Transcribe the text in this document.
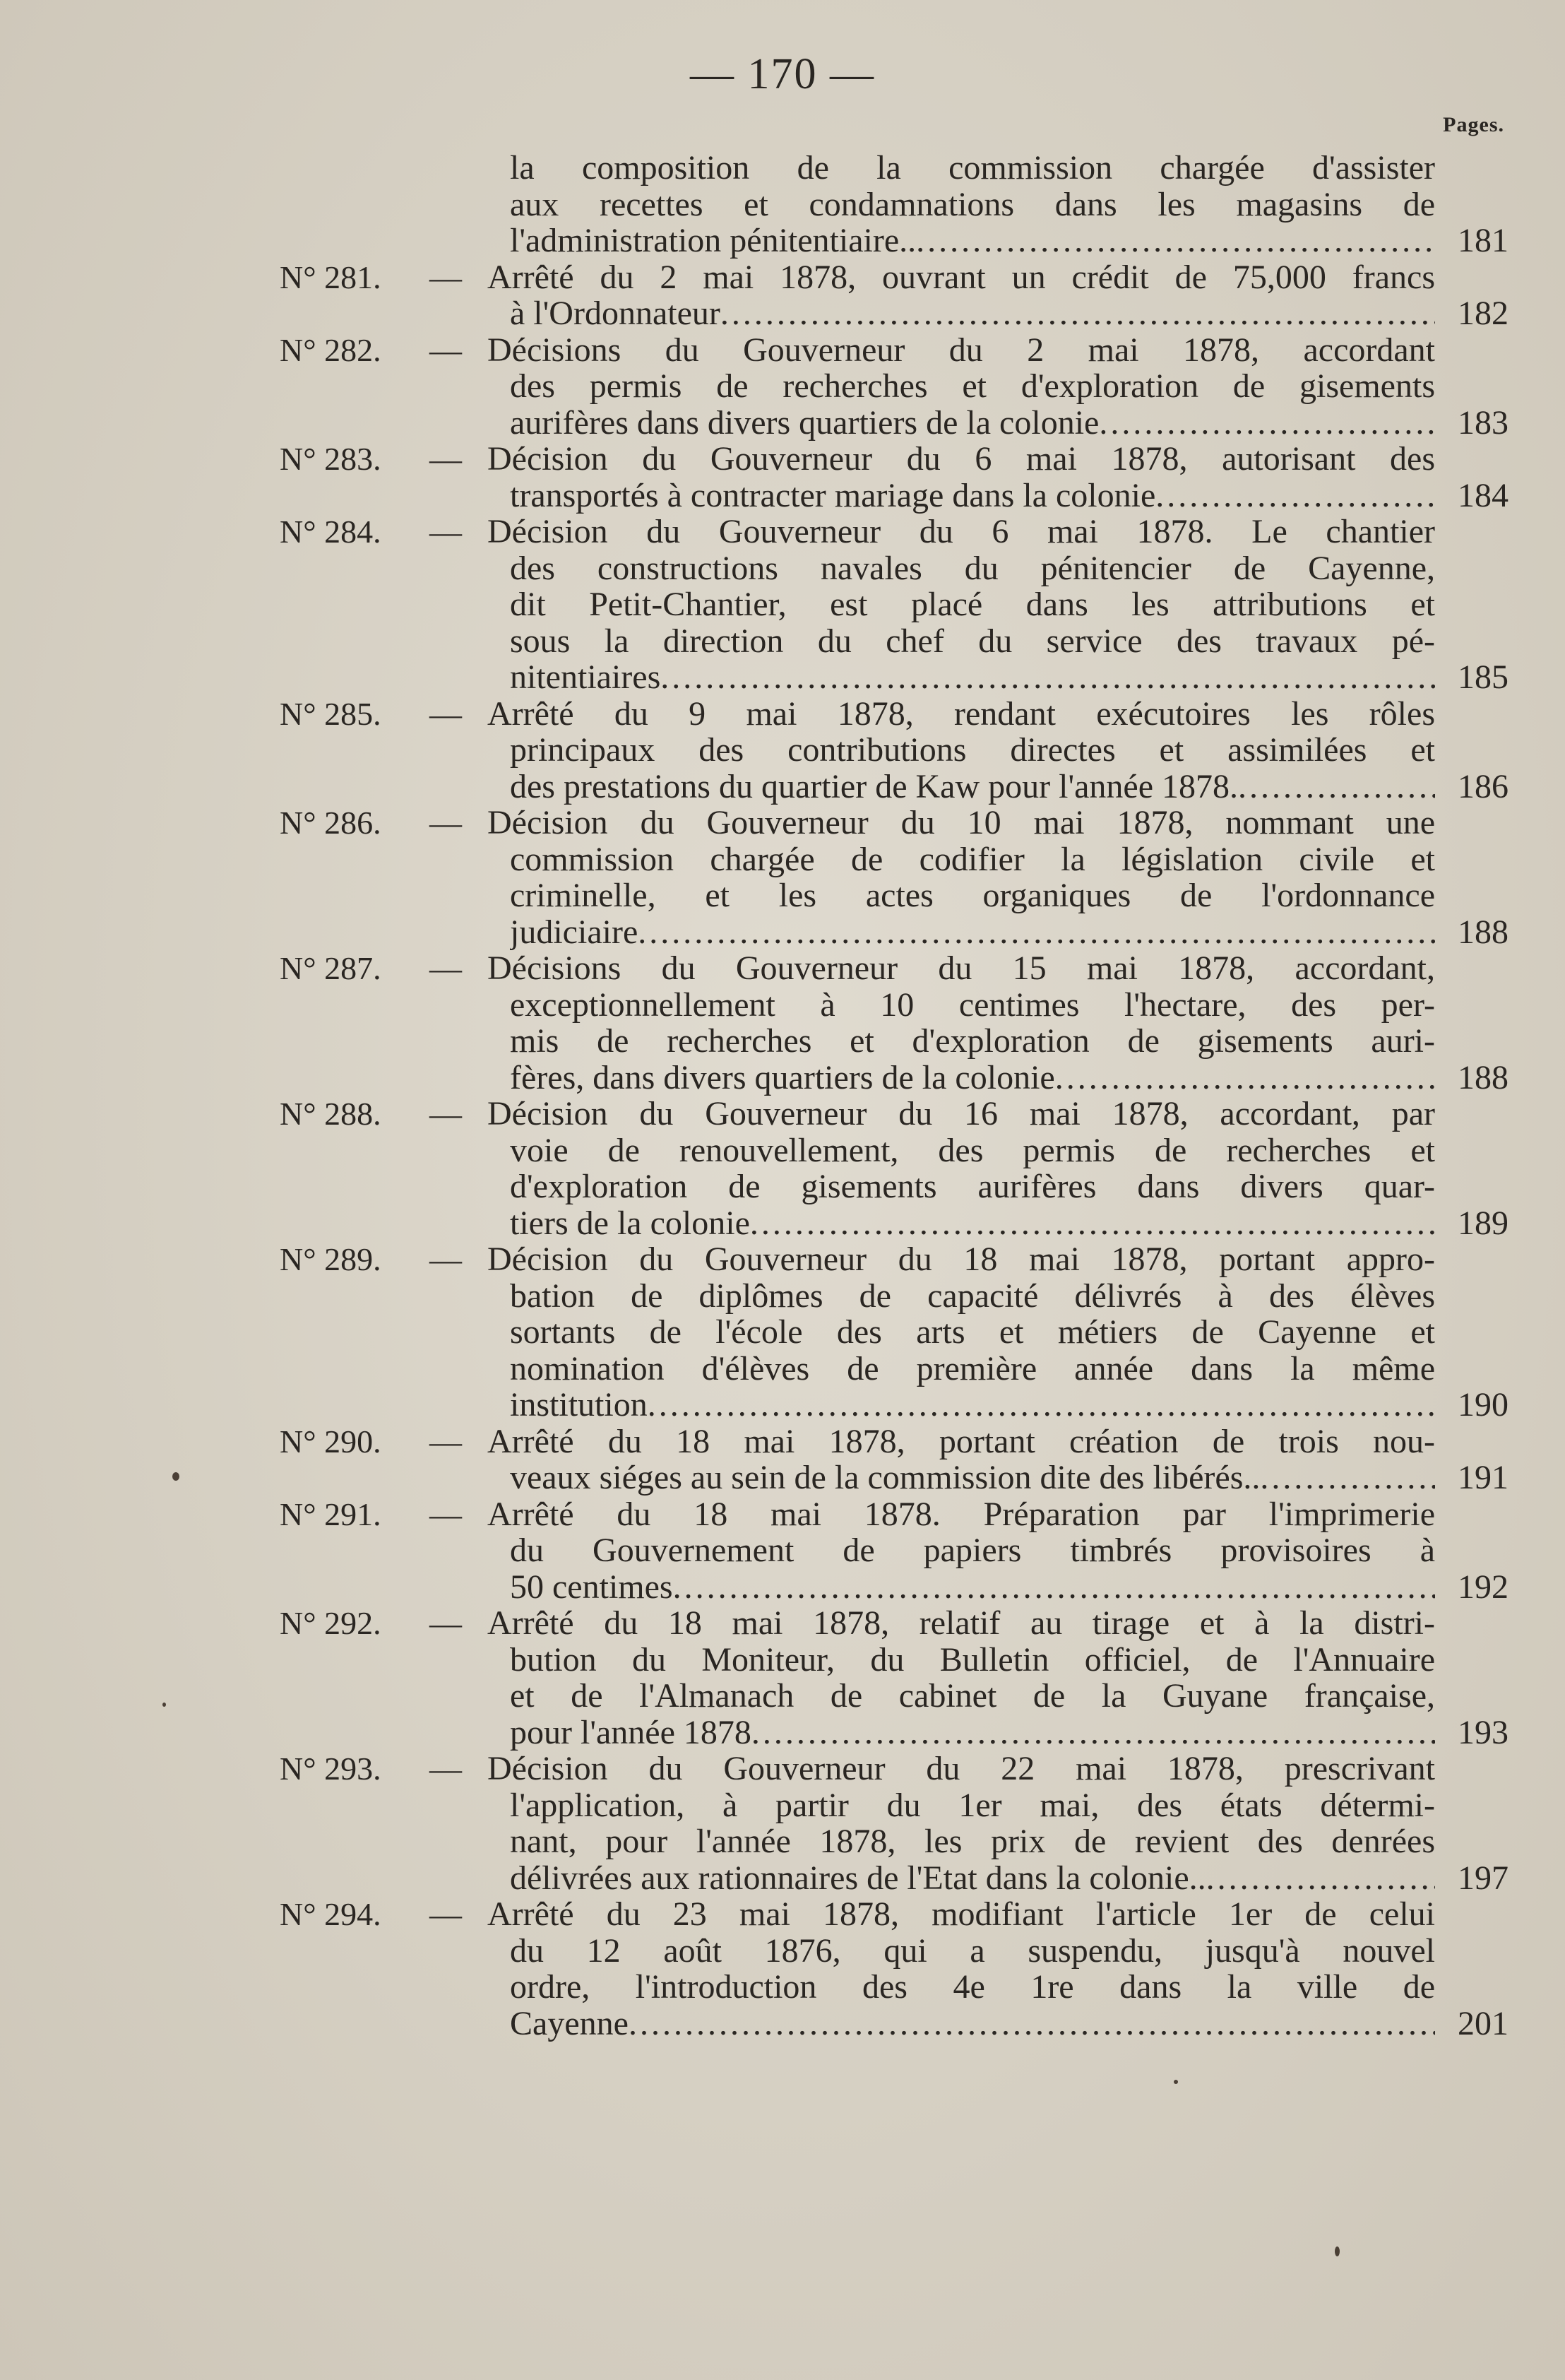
— 170 —
Pages.
la composition de la commission chargée d'assister
aux recettes et condamnations dans les magasins de
l'administration pénitentiaire.. . . .	181
N° 281.	— Arrêté du 2 mai 1878, ouvrant un crédit de 75,000 francs
à l'Ordonnateur . . .	182
N° 282.	— Décisions du Gouverneur du 2 mai 1878, accordant
des permis de recherches et d'exploration de gisements
aurifères dans divers quartiers de la colonie . . .	183
N° 283.	— Décision du Gouverneur du 6 mai 1878, autorisant des
transportés à contracter mariage dans la colonie . . .	184
N° 284.	— Décision du Gouverneur du 6 mai 1878. Le chantier
des constructions navales du pénitencier de Cayenne,
dit Petit-Chantier, est placé dans les attributions et
sous la direction du chef du service des travaux pé-
nitentiaires . . .	185
N° 285.	— Arrêté du 9 mai 1878, rendant exécutoires les rôles
principaux des contributions directes et assimilées et
des prestations du quartier de Kaw pour l'année 1878. . . .	186
N° 286.	— Décision du Gouverneur du 10 mai 1878, nommant une
commission chargée de codifier la législation civile et
criminelle, et les actes organiques de l'ordonnance
judiciaire . . .	188
N° 287.	— Décisions du Gouverneur du 15 mai 1878, accordant,
exceptionnellement à 10 centimes l'hectare, des per-
mis de recherches et d'exploration de gisements auri-
fères, dans divers quartiers de la colonie . . .	188
N° 288.	— Décision du Gouverneur du 16 mai 1878, accordant, par
voie de renouvellement, des permis de recherches et
d'exploration de gisements aurifères dans divers quar-
tiers de la colonie . . .	189
N° 289.	— Décision du Gouverneur du 18 mai 1878, portant appro-
bation de diplômes de capacité délivrés à des élèves
sortants de l'école des arts et métiers de Cayenne et
nomination d'élèves de première année dans la même
institution . . .	190
N° 290.	— Arrêté du 18 mai 1878, portant création de trois nou-
veaux siéges au sein de la commission dite des libérés.. . . .	191
N° 291.	— Arrêté du 18 mai 1878. Préparation par l'imprimerie
du Gouvernement de papiers timbrés provisoires à
50 centimes . . .	192
N° 292.	— Arrêté du 18 mai 1878, relatif au tirage et à la distri-
bution du Moniteur, du Bulletin officiel, de l'Annuaire
et de l'Almanach de cabinet de la Guyane française,
pour l'année 1878 . . .	193
N° 293.	— Décision du Gouverneur du 22 mai 1878, prescrivant
l'application, à partir du 1er mai, des états détermi-
nant, pour l'année 1878, les prix de revient des denrées
délivrées aux rationnaires de l'Etat dans la colonie.. . . .	197
N° 294.	— Arrêté du 23 mai 1878, modifiant l'article 1er de celui
du 12 août 1876, qui a suspendu, jusqu'à nouvel
ordre, l'introduction des 4e 1re dans la ville de
Cayenne . . .	201
